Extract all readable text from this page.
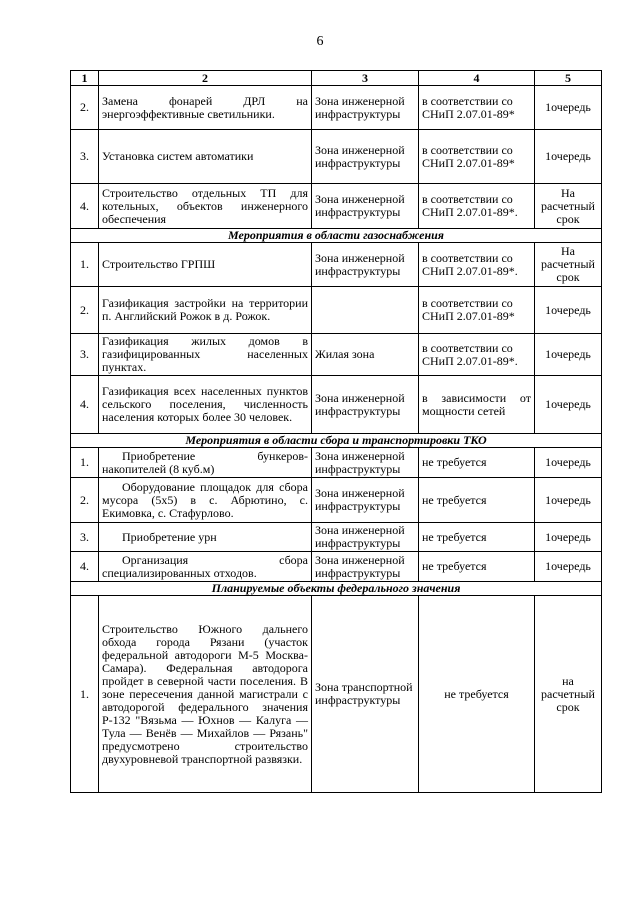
6
1	2	3	4	5
2.	Замена фонарей ДРЛ на энергоэффективные светильники.	Зона инженерной инфраструктуры	в соответствии со СНиП 2.07.01-89*	1очередь
3.	Установка систем автоматики	Зона инженерной инфраструктуры	в соответствии со СНиП 2.07.01-89*	1очередь
4.	Строительство отдельных ТП для котельных, объектов инженерного обеспечения	Зона инженерной инфраструктуры	в соответствии со СНиП 2.07.01-89*.	На расчетный срок
Мероприятия в области газоснабжения				
1.	Строительство ГРПШ	Зона инженерной инфраструктуры	в соответствии со СНиП 2.07.01-89*.	На расчетный срок
2.	Газификация застройки на территории п. Английский Рожок в д. Рожок.		в соответствии со СНиП 2.07.01-89*	1очередь
3.	Газификация жилых домов в газифицированных населенных пунктах.	Жилая зона	в соответствии со СНиП 2.07.01-89*.	1очередь
4.	Газификация всех населенных пунктов сельского поселения, численность населения которых более 30 человек.	Зона инженерной инфраструктуры	в зависимости от мощности сетей	1очередь
Мероприятия в области сбора и транспортировки ТКО				
1.	Приобретение бункеров-накопителей (8 куб.м)	Зона инженерной инфраструктуры	не требуется	1очередь
2.	Оборудование площадок для сбора мусора (5х5) в с. Абрютино, с. Екимовка, с. Стафурлово.	Зона инженерной инфраструктуры	не требуется	1очередь
3.	Приобретение урн	Зона инженерной инфраструктуры	не требуется	1очередь
4.	Организация сбора специализированных отходов.	Зона инженерной инфраструктуры	не требуется	1очередь
Планируемые объекты федерального значения				
1.	Строительство Южного дальнего обхода города Рязани (участок федеральной автодороги М-5 Москва-Самара). Федеральная автодорога пройдет в северной части поселения. В зоне пересечения данной магистрали с автодорогой федерального значения Р-132 "Вязьма — Юхнов — Калуга — Тула — Венёв — Михайлов — Рязань" предусмотрено строительство двухуровневой транспортной развязки.	Зона транспортной инфраструктуры	не требуется	на расчетный срок
